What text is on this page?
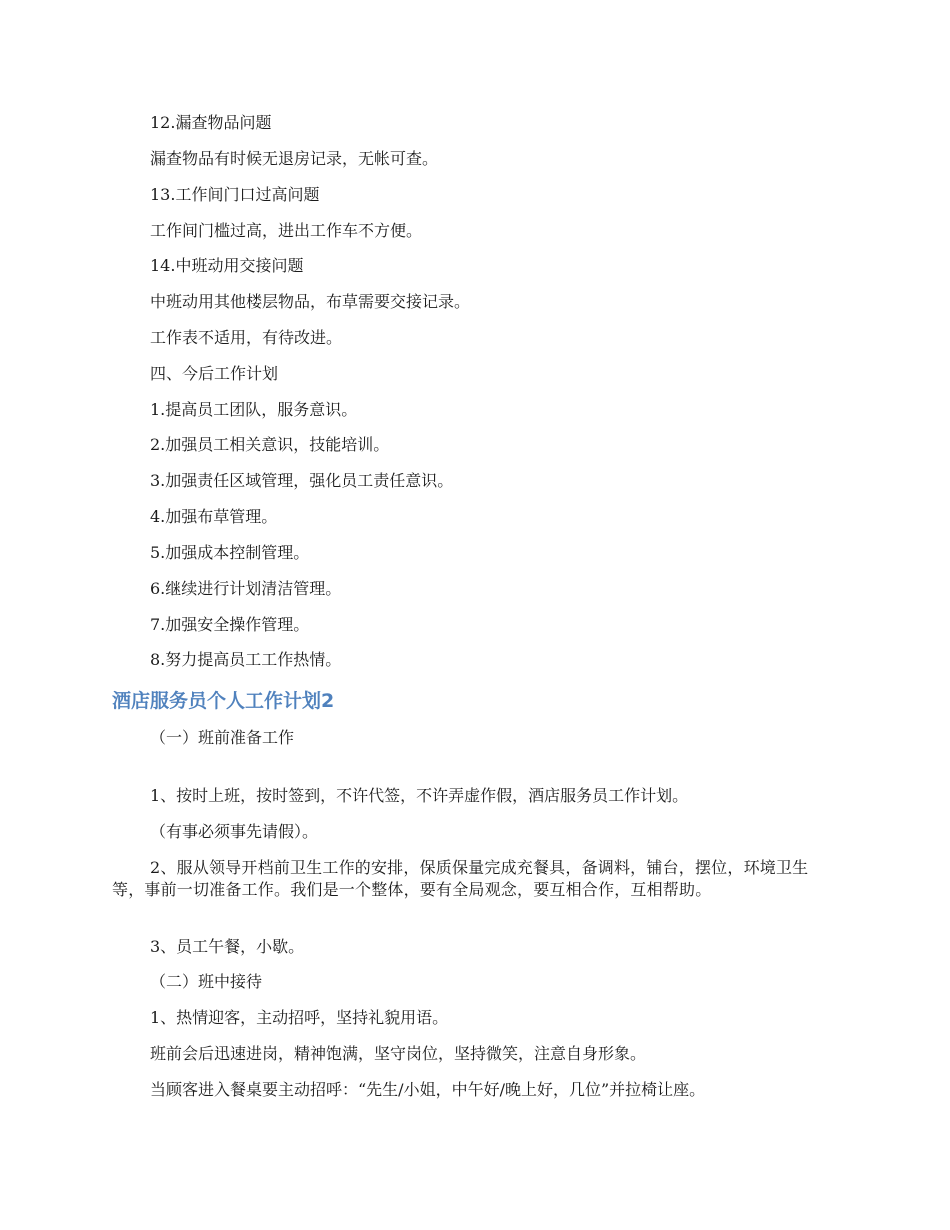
12.漏查物品问题
漏查物品有时候无退房记录，无帐可查。
13.工作间门口过高问题
工作间门槛过高，进出工作车不方便。
14.中班动用交接问题
中班动用其他楼层物品，布草需要交接记录。
工作表不适用，有待改进。
四、今后工作计划
1.提高员工团队，服务意识。
2.加强员工相关意识，技能培训。
3.加强责任区域管理，强化员工责任意识。
4.加强布草管理。
5.加强成本控制管理。
6.继续进行计划清洁管理。
7.加强安全操作管理。
8.努力提高员工工作热情。
酒店服务员个人工作计划2
（一）班前准备工作
1、按时上班，按时签到，不许代签，不许弄虚作假，酒店服务员工作计划。
（有事必须事先请假）。
2、服从领导开档前卫生工作的安排，保质保量完成充餐具，备调料，铺台，摆位，环境卫生等，事前一切准备工作。我们是一个整体，要有全局观念，要互相合作，互相帮助。
3、员工午餐，小歇。
（二）班中接待
1、热情迎客，主动招呼，坚持礼貌用语。
班前会后迅速进岗，精神饱满，坚守岗位，坚持微笑，注意自身形象。
当顾客进入餐桌要主动招呼：“先生/小姐，中午好/晚上好，几位”并拉椅让座。
